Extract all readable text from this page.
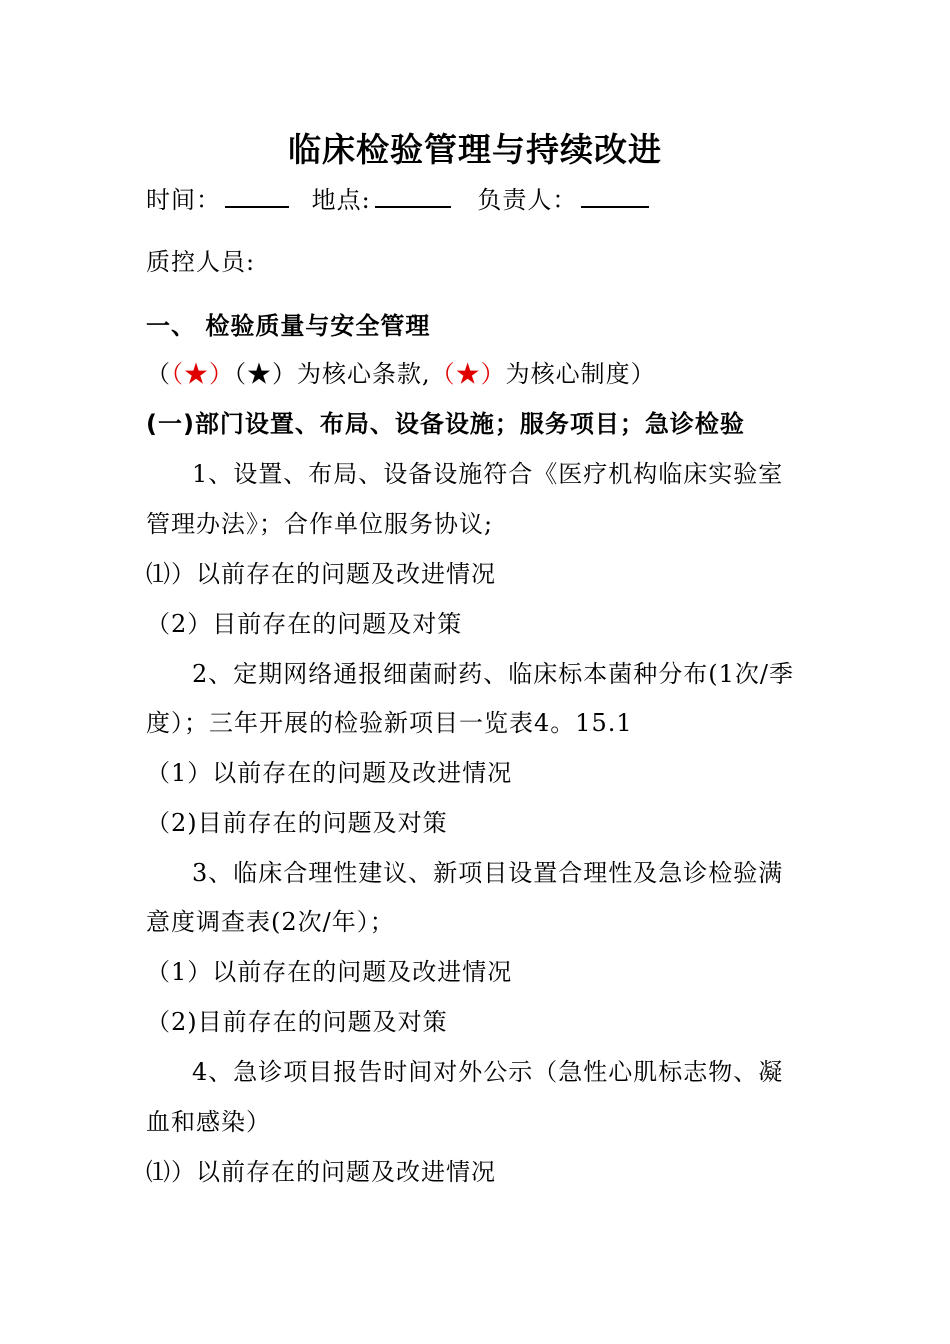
临床检验管理与持续改进
时间：	地点:	负责人：
质控人员:
一、 检验质量与安全管理
（（★）（★）为核心条款,（★）为核心制度）
(一)部门设置、布局、设备设施；服务项目；急诊检验
1、设置、布局、设备设施符合《医疗机构临床实验室
管理办法》；合作单位服务协议;
⑴）以前存在的问题及改进情况
（2）目前存在的问题及对策
2、定期网络通报细菌耐药、临床标本菌种分布(1次/季
度）；三年开展的检验新项目一览表4。15.1
（1）以前存在的问题及改进情况
（2)目前存在的问题及对策
3、临床合理性建议、新项目设置合理性及急诊检验满
意度调查表(2次/年）；
（1）以前存在的问题及改进情况
（2)目前存在的问题及对策
4、急诊项目报告时间对外公示（急性心肌标志物、凝
血和感染）
⑴）以前存在的问题及改进情况
